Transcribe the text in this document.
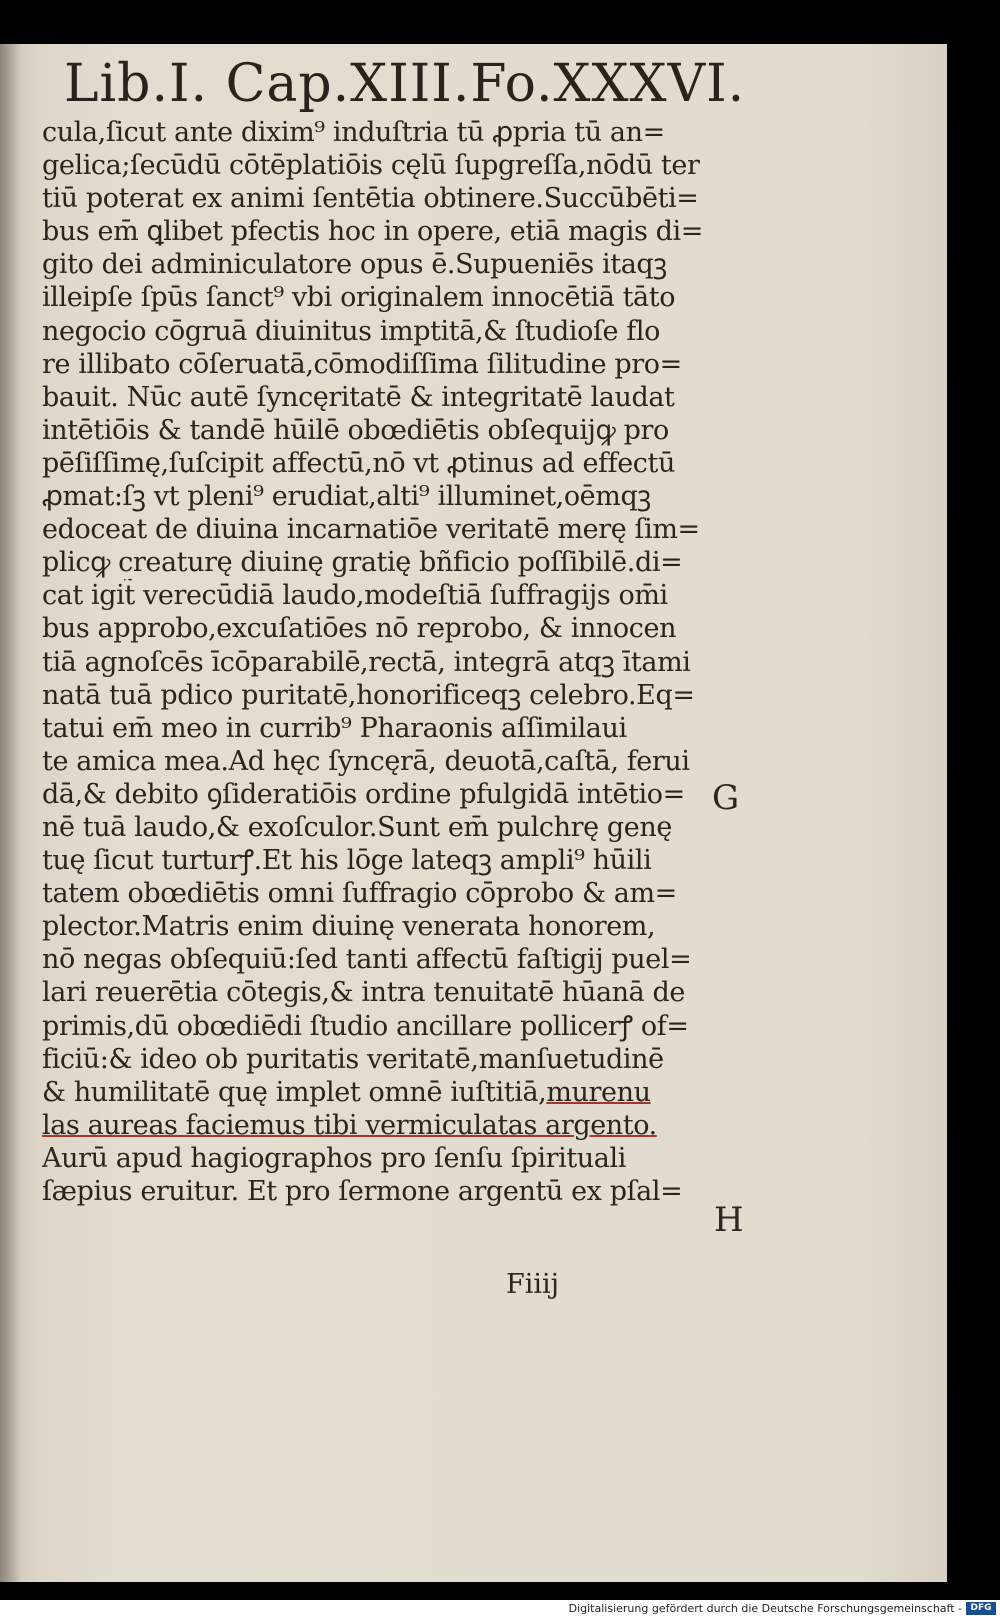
Lib.I. Cap.XIII.Fo.XXXVI.
cula,ſicut ante dixim⁹ induſtria tū ꝓpria tū an=
gelica;ſecūdū cōtēplatiōis cęlū ſupgreſſa,nōdū ter
tiū poterat ex animi ſentētia obtinere.Succūbēti=
bus em̄ ꝗlibet pfectis hoc in opere, etiā magis di=
gito dei adminiculatore opus ē.Supueniēs itaqꝫ
illeipſe ſpūs ſanct⁹ vbi originalem innocētiā tāto
negocio cōgruā diuinitus imptitā,& ſtudioſe flo
re illibato cōſeruatā,cōmodiſſima ſilitudine pro=
bauit. Nūc autē ſyncęritatē & integritatē laudat
intētiōis & tandē hūilē obœdiētis obſequijꝙ pro
pēſiſſimę,ſuſcipit affectū,nō vt ꝓtinus ad effectū
ꝓmat:ſꝫ vt pleni⁹ erudiat,alti⁹ illuminet,oēmqꝫ
edoceat de diuina incarnatiōe veritatē merę ſim=
plicꝙ creaturę diuinę gratię bñficio poſſibilē.di=
cat igit̃ verecūdiā laudo,modeſtiā ſuffragijs om̄i
bus approbo,excuſatiōes nō reprobo, & innocen
tiā agnoſcēs īcōparabilē,rectā, integrā atqꝫ ītami
natā tuā pdico puritatē,honorificeqꝫ celebro.Eq=
tatui em̄ meo in currib⁹ Pharaonis aſſimilaui
te amica mea.Ad hęc ſyncęrā, deuotā,caſtā, ferui
dā,& debito ꝯſideratiōis ordine pfulgidā intētio=
nē tuā laudo,& exoſculor.Sunt em̄ pulchrę genę
tuę ſicut turturꝭ.Et his lōge lateqꝫ ampli⁹ hūili
tatem obœdiētis omni ſuffragio cōprobo & am=
plector.Matris enim diuinę venerata honorem,
nō negas obſequiū:ſed tanti affectū faſtigij puel=
lari reuerētia cōtegis,& intra tenuitatē hūanā de
primis,dū obœdiēdi ſtudio ancillare pollicerꝭ of=
ficiū:& ideo ob puritatis veritatē,manſuetudinē
& humilitatē quę implet omnē iuſtitiā,murenu
las aureas faciemus tibi vermiculatas argento.
Aurū apud hagiographos pro ſenſu ſpirituali
ſæpius eruitur. Et pro ſermone argentū ex pſal=
G
H
Fiiij
Digitalisierung gefördert durch die Deutsche Forschungsgemeinschaft - DFG
